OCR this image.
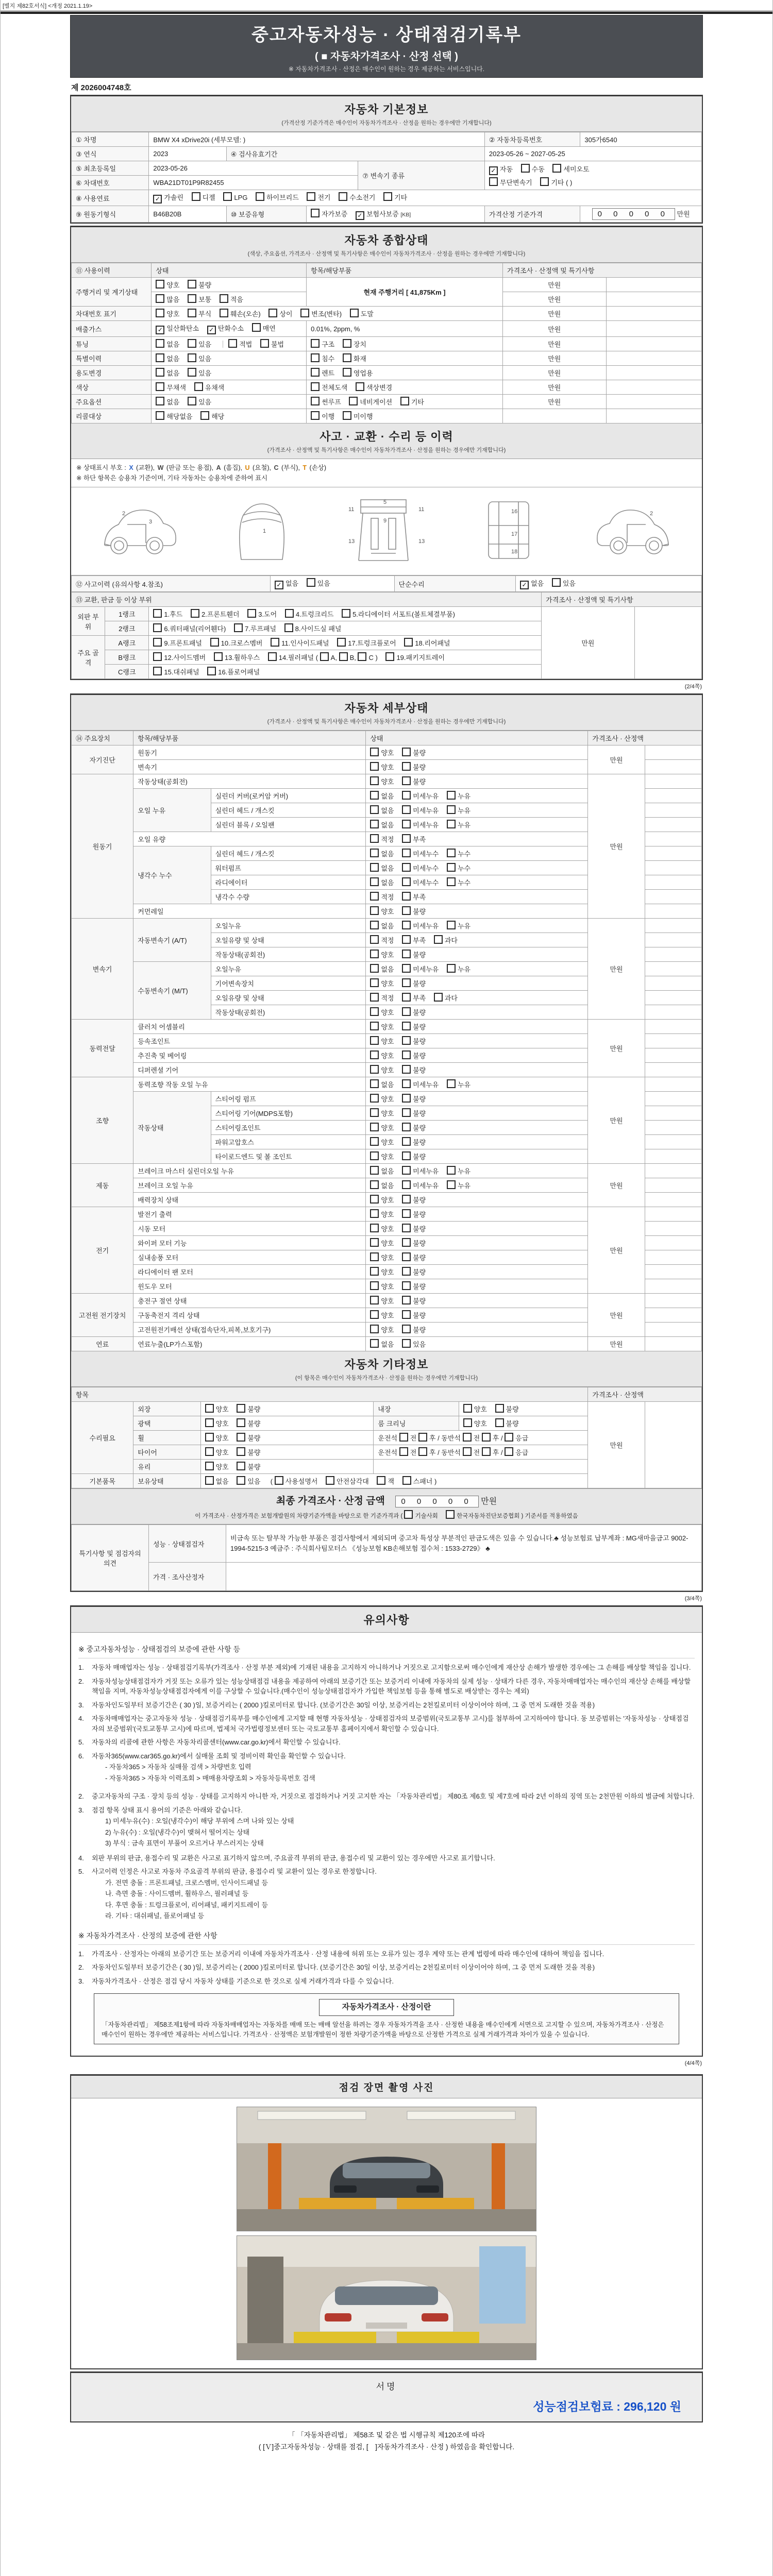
[별지 제82호서식] <개정 2021.1.19>
중고자동차성능 · 상태점검기록부
( ■ 자동차가격조사 · 산정 선택 )
※ 자동차가격조사 · 산정은 매수인이 원하는 경우 제공하는 서비스입니다.
제 2026004748호
자동차 기본정보
(가격산정 기준가격은 매수인이 자동차가격조사 · 산정을 원하는 경우에만 기재합니다)
① 차명	BMW X4 xDrive20i (세부모델: )				② 자동차등록번호	305가6540
③ 연식	2023	④ 검사유효기간			2023-05-26 ~ 2027-05-25	
⑤ 최초등록일	2023-05-26			⑦ 변속기 종류	✓ 자동 수동 세미오토
무단변속기 기타 ( )	

⑥ 차대번호	WBA21DT01P9R82455					
⑧ 사용연료	✓ 가솔린 디젤 LPG 하이브리드 전기 수소전기 기타					
⑨ 원동기형식	B46B20B	⑩ 보증유형	자가보증 ✓ 보험사보증 [KB]		가격산정 기준가격	0 0 0 0 0 만원
자동차 종합상태
(색상, 주요옵션, 가격조사 · 산정액 및 특기사항은 매수인이 자동차가격조사 · 산정을 원하는 경우에만 기재합니다)
⑪ 사용이력	상태	항목/해당부품	가격조사 · 산정액 및 특기사항	
주행거리 및 계기상태	양호 불량	현재 주행거리 [ 41,875Km ]	만원	
	많음 보통 적음		만원	
차대번호 표기	양호 부식 훼손(오손) 상이 변조(변타) 도말		만원	
배출가스	✓ 일산화탄소 ✓ 탄화수소 매연	0.01%, 2ppm, %	만원	
튜닝	없음 있음 적법 불법	구조 장치	만원	
특별이력	없음 있음	침수 화재	만원	
용도변경	없음 있음	렌트 영업용	만원	
색상	무채색 유채색	전체도색 색상변경	만원	
주요옵션	없음 있음	썬루프 네비게이션 기타	만원	
리콜대상	해당없음 해당	이행 미이행		
사고 · 교환 · 수리 등 이력
(가격조사 · 산정액 및 특기사항은 매수인이 자동차가격조사 · 산정을 원하는 경우에만 기재합니다)
※ 상태표시 부호 : X (교환), W (판금 또는 용접), A (흠집), U (요철), C (부식), T (손상)
※ 하단 항목은 승용차 기준이며, 기타 자동차는 승용차에 준하여 표시
2
3
1
11	11
5
9
13	13
16
17
18
2
⑫ 사고이력 (유의사항 4.참조)	✓ 없음	있음	단순수리	✓ 없음	있음
⑬ 교환, 판금 등 이상 부위			가격조사 · 산정액 및 특기사항	
외판 부위	1랭크	1.후드 2.프론트휀더 3.도어 4.트렁크리드 5.라디에이터 서포트(볼트체결부품)	만원	
	2랭크	6.쿼터패널(리어휀다) 7.루프패널 8.사이드실 패널		
주요 골격	A랭크	9.프론트패널 10.크로스멤버 11.인사이드패널 17.트렁크플로어 18.리어패널		
	B랭크	12.사이드멤버 13.휠하우스 14.필러패널 ( A, B, C ) 19.패키지트레이		
	C랭크	15.대쉬패널 16.플로어패널		
(2/4쪽)
자동차 세부상태
(가격조사 · 산정액 및 특기사항은 매수인이 자동차가격조사 · 산정을 원하는 경우에만 기재합니다)
⑭ 주요장치	항목/해당부품		상태	가격조사 · 산정액	
자기진단	원동기		양호 불량	만원	
	변속기		양호 불량		
원동기	작동상태(공회전)		양호 불량	만원	
	오일 누유	실린더 커버(로커암 커버)	없음 미세누유 누유		
		실린더 헤드 / 개스킷	없음 미세누유 누유		
		실린더 블록 / 오일팬	없음 미세누유 누유		
	오일 유량		적정 부족		
	냉각수 누수	실린더 헤드 / 개스킷	없음 미세누수 누수		
		워터펌프	없음 미세누수 누수		
		라디에이터	없음 미세누수 누수		
		냉각수 수량	적정 부족		
	커먼레일		양호 불량		
변속기	자동변속기 (A/T)	오일누유	없음 미세누유 누유	만원	
		오일유량 및 상태	적정 부족 과다		
		작동상태(공회전)	양호 불량		
	수동변속기 (M/T)	오일누유	없음 미세누유 누유		
		기어변속장치	양호 불량		
		오일유량 및 상태	적정 부족 과다		
		작동상태(공회전)	양호 불량		
동력전달	클러치 어셈블리		양호 불량	만원	
	등속조인트		양호 불량		
	추진축 및 베어링		양호 불량		
	디퍼렌셜 기어		양호 불량		
조향	동력조향 작동 오일 누유		없음 미세누유 누유	만원	
	작동상태	스티어링 펌프	양호 불량		
		스티어링 기어(MDPS포함)	양호 불량		
		스티어링조인트	양호 불량		
		파워고압호스	양호 불량		
		타이로드엔드 및 볼 조인트	양호 불량		
제동	브레이크 마스터 실린더오일 누유		없음 미세누유 누유	만원	
	브레이크 오일 누유		없음 미세누유 누유		
	배력장치 상태		양호 불량		
전기	발전기 출력		양호 불량	만원	
	시동 모터		양호 불량		
	와이퍼 모터 기능		양호 불량		
	실내송풍 모터		양호 불량		
	라디에이터 팬 모터		양호 불량		
	윈도우 모터		양호 불량		
고전원 전기장치	충전구 절연 상태		양호 불량	만원	
	구동축전지 격리 상태		양호 불량		
	고전원전기배선 상태(접속단자,피복,보호기구)		양호 불량		
연료	연료누출(LP가스포함)		없음 있음	만원	
자동차 기타정보
(이 항목은 매수인이 자동차가격조사 · 산정을 원하는 경우에만 기재합니다)
항목					가격조사 · 산정액	
수리필요	외장	양호 불량	내장	양호 불량	만원	
	광택	양호 불량	룸 크리닝	양호 불량		
	휠	양호 불량	운전석 전 후 / 동반석 전 후 / 응급			
	타이어	양호 불량	운전석 전 후 / 동반석 전 후 / 응급			
	유리	양호 불량				
기본품목	보유상태	없음 있음  ( 사용설명서 안전삼각대 잭 스패너 )				
최종 가격조사 · 산정 금액 0 0 0 0 0 만원
이 가격조사 · 산정가격은 보험개발원의 차량기준가액을 바탕으로 한 기준가격과 ( 기술사회	한국자동차진단보증협회 ) 기준서를 적용하였음
특기사항 및 점검자의 의견	성능 · 상태점검자	비금속 또는 탈부착 가능한 부품은 점검사항에서 제외되며 중고차 특성상 부분적인 판금도색은 있을 수 있습니다.♣ 성능보험료 납부계좌 : MG새마을금고 9002-1994-5215-3 예금주 : 주식회사팀모터스 《성능보험 KB손해보험 접수처 : 1533-2729》 ♣
	가격 · 조사산정자	
(3/4쪽)
유의사항
※ 중고자동차성능 · 상태점검의 보증에 관한 사항 등
1.	자동차 매매업자는 성능 · 상태점검기록부(가격조사 · 산정 부분 제외)에 기재된 내용을 고지하지 아니하거나 거짓으로 고지함으로써 매수인에게 재산상 손해가 발생한 경우에는 그 손해를 배상할 책임을 집니다.
2.	자동차성능상태점검자가 거짓 또는 오류가 있는 성능상태점검 내용을 제공하여 아래의 보증기간 또는 보증거리 이내에 자동차의 실제 성능 · 상태가 다른 경우, 자동차매매업자는 매수인의 재산상 손해를 배상할 책임을 지며, 자동차성능상태점검자에게 이를 구상할 수 있습니다.(매수인이 성능상태점검자가 가입한 책임보험 등을 통해 별도로 배상받는 경우는 제외)
3.	자동차인도일부터 보증기간은 ( 30 )일, 보증거리는 ( 2000 )킬로미터로 합니다. (보증기간은 30일 이상, 보증거리는 2천킬로미터 이상이어야 하며, 그 중 먼저 도래한 것을 적용)
4.	자동차매매업자는 중고자동차 성능 · 상태점검기록부를 매수인에게 고지할 때 현행 자동차성능 · 상태점검자의 보증범위(국토교통부 고시)를 첨부하여 고지하여야 합니다. 동 보증범위는 '자동차성능 · 상태점검자의 보증범위'(국토교통부 고시)에 따르며, 법제처 국가법령정보센터 또는 국토교통부 홈페이지에서 확인할 수 있습니다.
5.	자동차의 리콜에 관한 사항은 자동차리콜센터(www.car.go.kr)에서 확인할 수 있습니다.
6.	자동차365(www.car365.go.kr)에서 실매물 조회 및 정비이력 확인을 확인할 수 있습니다.
- 자동차365 > 자동차 실매물 검색 > 차량번호 입력
- 자동차365 > 자동차 이력조회 > 매매용차량조회 > 자동차등록번호 검색
2.	중고자동차의 구조 · 장치 등의 성능 · 상태를 고지하지 아니한 자, 거짓으로 점검하거나 거짓 고지한 자는 「자동차관리법」 제80조 제6호 및 제7호에 따라 2년 이하의 징역 또는 2천만원 이하의 벌금에 처합니다.
3.	점검 항목 상태 표시 용어의 기준은 아래와 같습니다.
1) 미세누유(수) : 오일(냉각수)이 해당 부위에 스며 나와 있는 상태
2) 누유(수) : 오일(냉각수)이 맺혀서 떨어지는 상태
3) 부식 : 금속 표면이 부풀어 오르거나 부스러지는 상태
4.	외판 부위의 판금, 용접수리 및 교환은 사고로 표기하지 않으며, 주요골격 부위의 판금, 용접수리 및 교환이 있는 경우에만 사고로 표기합니다.
5.	사고이력 인정은 사고로 자동차 주요골격 부위의 판금, 용접수리 및 교환이 있는 경우로 한정합니다.
가. 전면 충돌 : 프론트패널, 크로스멤버, 인사이드패널 등
나. 측면 충돌 : 사이드멤버, 휠하우스, 필러패널 등
다. 후면 충돌 : 트렁크플로어, 리어패널, 패키지트레이 등
라. 기타 : 대쉬패널, 플로어패널 등
※ 자동차가격조사 · 산정의 보증에 관한 사항
1.	가격조사 · 산정자는 아래의 보증기간 또는 보증거리 이내에 자동차가격조사 · 산정 내용에 허위 또는 오류가 있는 경우 계약 또는 관계 법령에 따라 매수인에 대하여 책임을 집니다.
2.	자동차인도일부터 보증기간은 ( 30 )일, 보증거리는 ( 2000 )킬로미터로 합니다. (보증기간은 30일 이상, 보증거리는 2천킬로미터 이상이어야 하며, 그 중 먼저 도래한 것을 적용)
3.	자동차가격조사 · 산정은 점검 당시 자동차 상태를 기준으로 한 것으로 실제 거래가격과 다를 수 있습니다.
자동차가격조사 · 산정이란
「자동차관리법」 제58조제1항에 따라 자동차매매업자는 자동차를 매매 또는 매매 알선을 하려는 경우 자동차가격을 조사 · 산정한 내용을 매수인에게 서면으로 고지할 수 있으며, 자동차가격조사 · 산정은 매수인이 원하는 경우에만 제공하는 서비스입니다. 가격조사 · 산정액은 보험개발원이 정한 차량기준가액을 바탕으로 산정한 가격으로 실제 거래가격과 차이가 있을 수 있습니다.
(4/4쪽)
점검 장면 촬영 사진
서명
성능점검보험료 : 296,120 원
「 「자동차관리법」 제58조 및 같은 법 시행규칙 제120조에 따라
( [Ｖ]중고자동차성능 · 상태를 점검, [　]자동차가격조사 · 산정 ) 하였음을 확인합니다.
